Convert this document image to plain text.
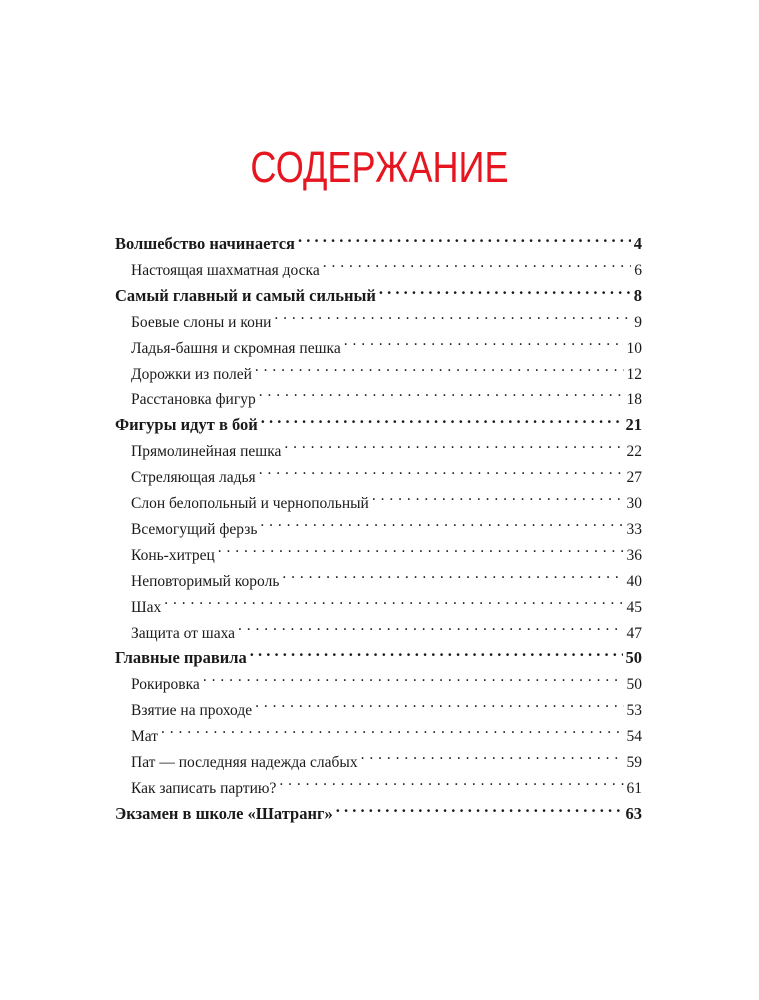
СОДЕРЖАНИЕ
Волшебство начинается . . .	4
Настоящая шахматная доска . . .	6
Самый главный и самый сильный . . .	8
Боевые слоны и кони . . .	9
Ладья-башня и скромная пешка . . .	10
Дорожки из полей . . .	12
Расстановка фигур . . .	18
Фигуры идут в бой . . .	21
Прямолинейная пешка . . .	22
Стреляющая ладья . . .	27
Слон белопольный и чернопольный . . .	30
Всемогущий ферзь . . .	33
Конь-хитрец . . .	36
Неповторимый король . . .	40
Шах . . .	45
Защита от шаха . . .	47
Главные правила . . .	50
Рокировка . . .	50
Взятие на проходе . . .	53
Мат . . .	54
Пат — последняя надежда слабых . . .	59
Как записать партию? . . .	61
Экзамен в школе «Шатранг» . . .	63
